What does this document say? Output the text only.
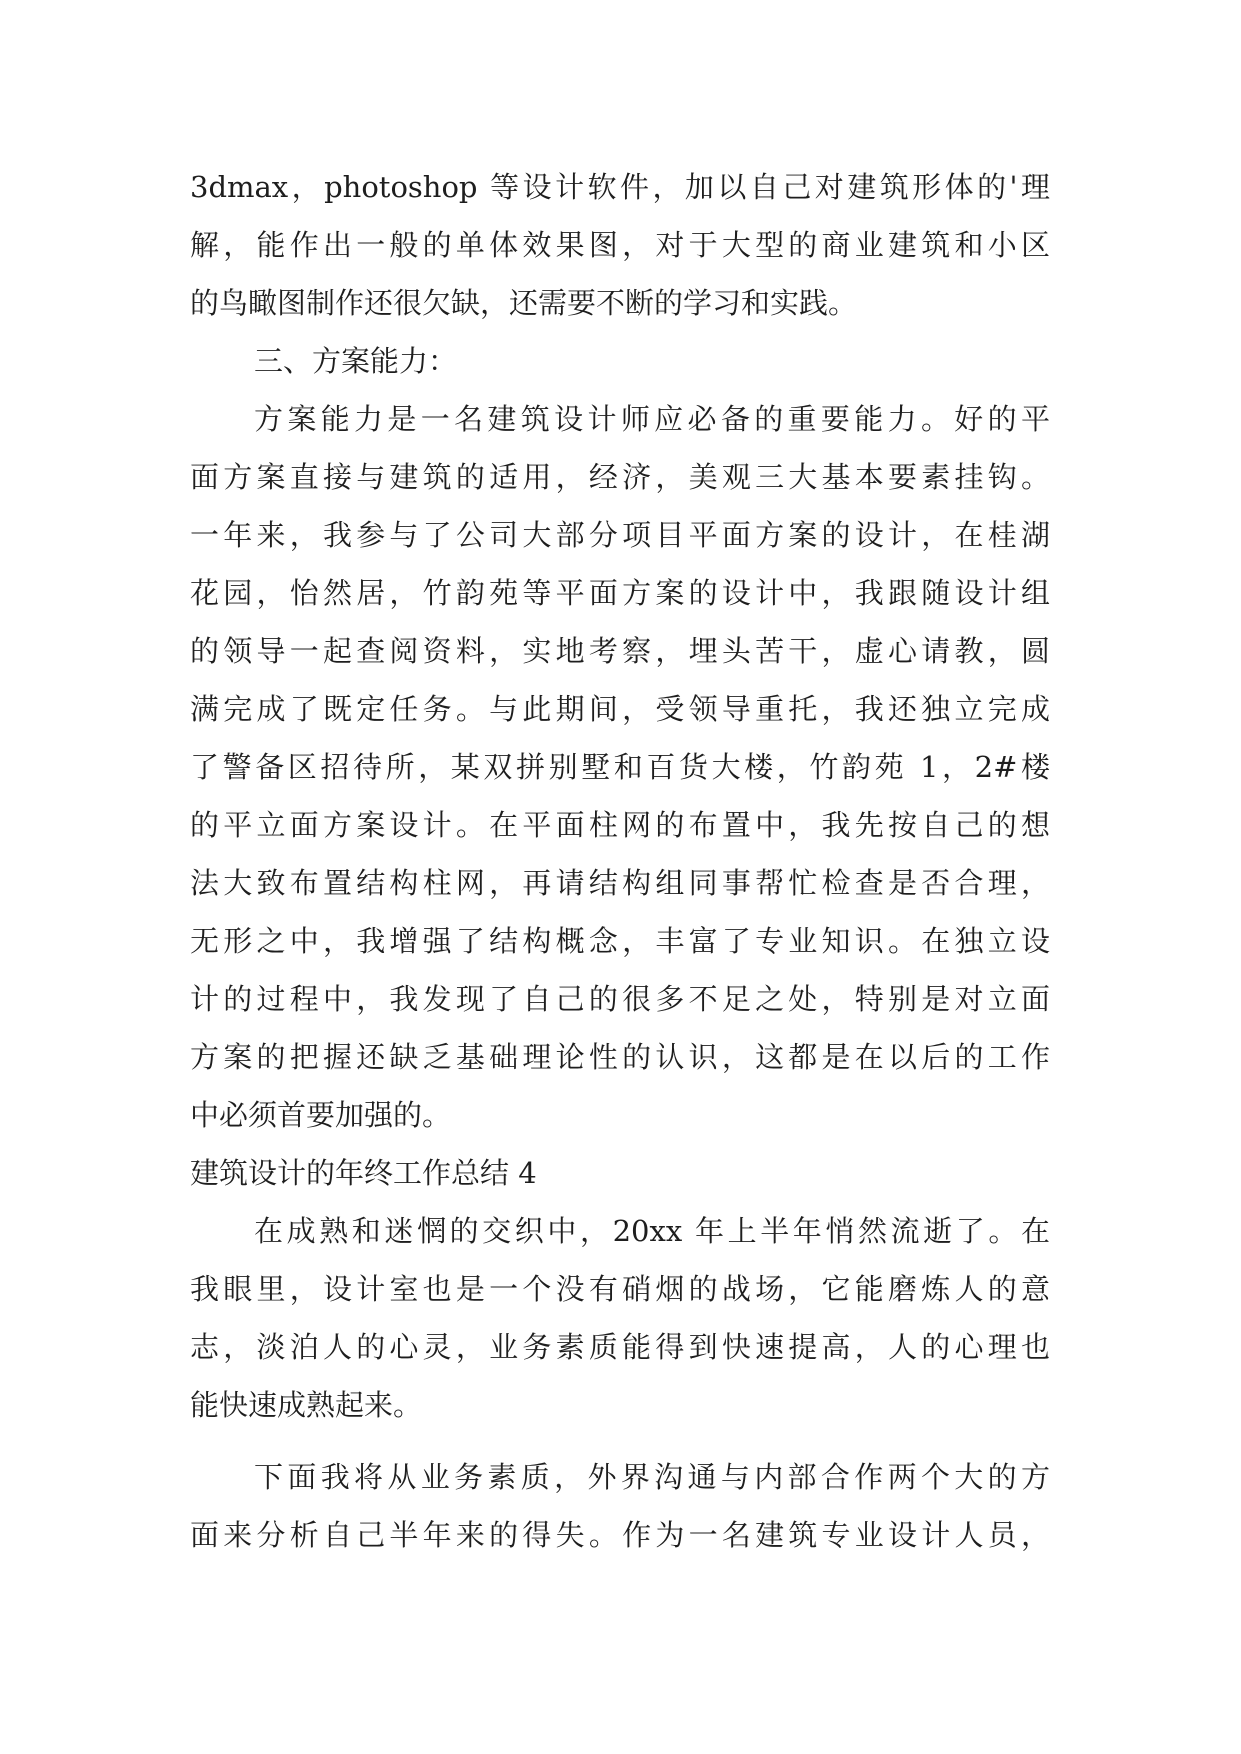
3dmax，photoshop 等设计软件，加以自己对建筑形体的'理
解，能作出一般的单体效果图，对于大型的商业建筑和小区
的鸟瞰图制作还很欠缺，还需要不断的学习和实践。
三、方案能力：
方案能力是一名建筑设计师应必备的重要能力。好的平
面方案直接与建筑的适用，经济，美观三大基本要素挂钩。
一年来，我参与了公司大部分项目平面方案的设计，在桂湖
花园，怡然居，竹韵苑等平面方案的设计中，我跟随设计组
的领导一起查阅资料，实地考察，埋头苦干，虚心请教，圆
满完成了既定任务。与此期间，受领导重托，我还独立完成
了警备区招待所，某双拼别墅和百货大楼，竹韵苑 1，2#楼
的平立面方案设计。在平面柱网的布置中，我先按自己的想
法大致布置结构柱网，再请结构组同事帮忙检查是否合理，
无形之中，我增强了结构概念，丰富了专业知识。在独立设
计的过程中，我发现了自己的很多不足之处，特别是对立面
方案的把握还缺乏基础理论性的认识，这都是在以后的工作
中必须首要加强的。
建筑设计的年终工作总结 4
在成熟和迷惘的交织中，20xx 年上半年悄然流逝了。在
我眼里，设计室也是一个没有硝烟的战场，它能磨炼人的意
志，淡泊人的心灵，业务素质能得到快速提高，人的心理也
能快速成熟起来。
下面我将从业务素质，外界沟通与内部合作两个大的方
面来分析自己半年来的得失。作为一名建筑专业设计人员，
